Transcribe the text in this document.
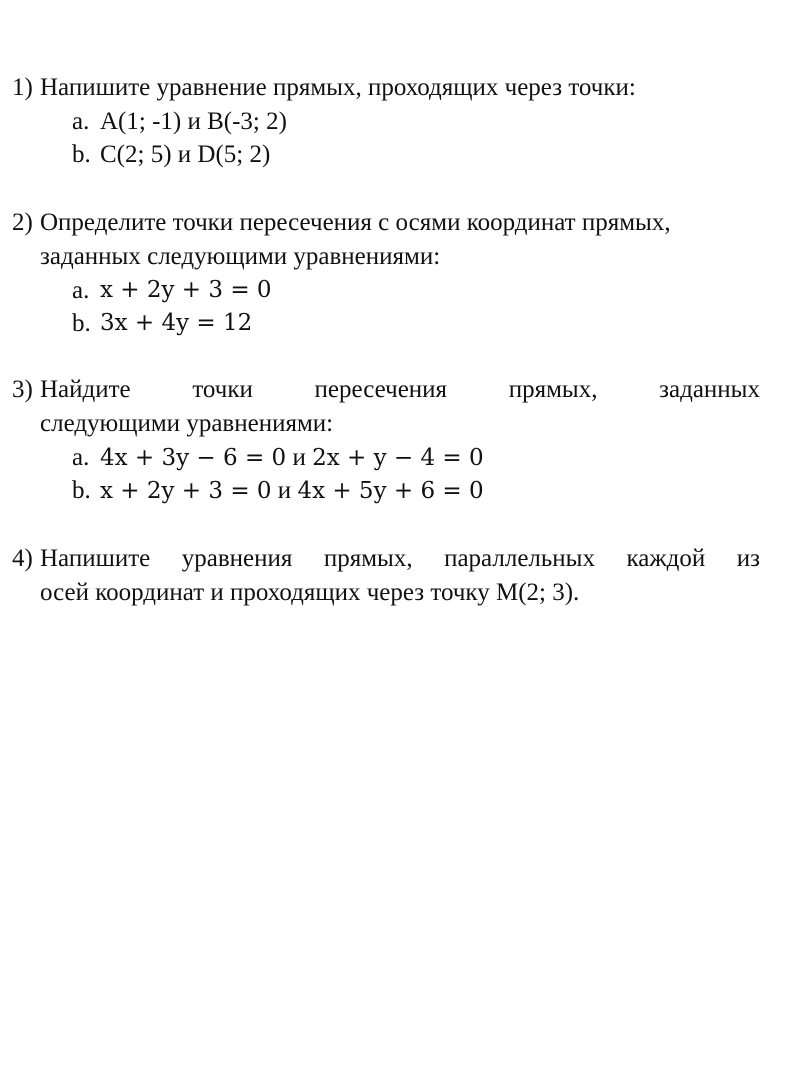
1) Напишите уравнение прямых, проходящих через точки:
a. A(1; -1) и B(-3; 2)
b. C(2; 5) и D(5; 2)
2) Определите точки пересечения с осями координат прямых,
заданных следующими уравнениями:
a. x + 2y + 3 = 0
b. 3x + 4y = 12
3) Найдите точки пересечения прямых, заданных
следующими уравнениями:
a. 4x + 3y − 6 = 0 и 2x + y − 4 = 0
b. x + 2y + 3 = 0 и 4x + 5y + 6 = 0
4) Напишите уравнения прямых, параллельных каждой из
осей координат и проходящих через точку M(2; 3).
